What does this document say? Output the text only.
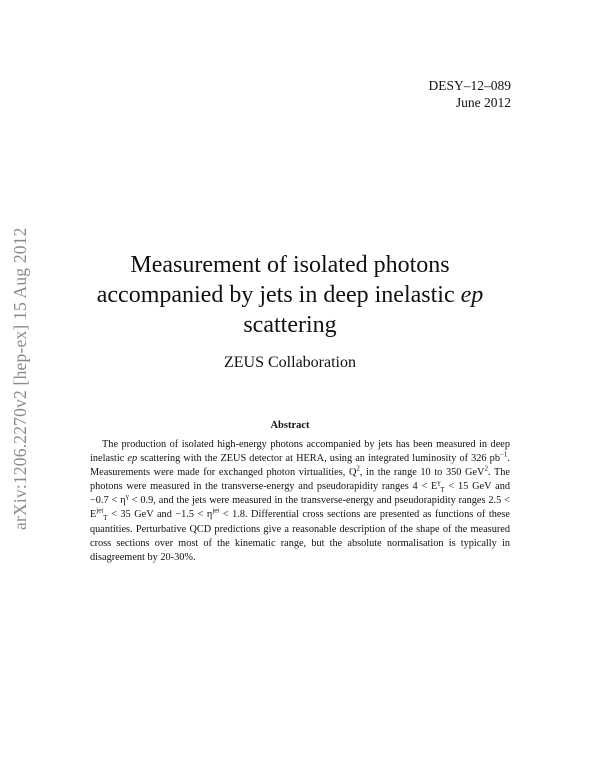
DESY–12–089
June 2012
arXiv:1206.2270v2 [hep-ex] 15 Aug 2012	Measurement of isolated photons
accompanied by jets in deep inelastic ep
scattering
ZEUS Collaboration
Abstract

The production of isolated high-energy photons accompanied by jets has been measured in deep inelastic ep scattering with the ZEUS detector at HERA, using an integrated luminosity of 326 $pb^{-1}$. Measurements were made for exchanged photon virtualities, $Q^2$, in the range 10 to 350 GeV$^2$. The photons were measured in the transverse-energy and pseudorapidity ranges $4 < E^\gamma_T < 15$ GeV and $-0.7 < \eta^\gamma < 0.9$, and the jets were measured in the transverse-energy and pseudorapidity ranges $2.5 < E^{jet}_T < 35$ GeV and $-1.5 < \eta^{jet} < 1.8$. Differential cross sections are presented as functions of these quantities. Perturbative QCD predictions give a reasonable description of the shape of the measured cross sections over most of the kinematic range, but the absolute normalisation is typically in disagreement by 20-30%.
